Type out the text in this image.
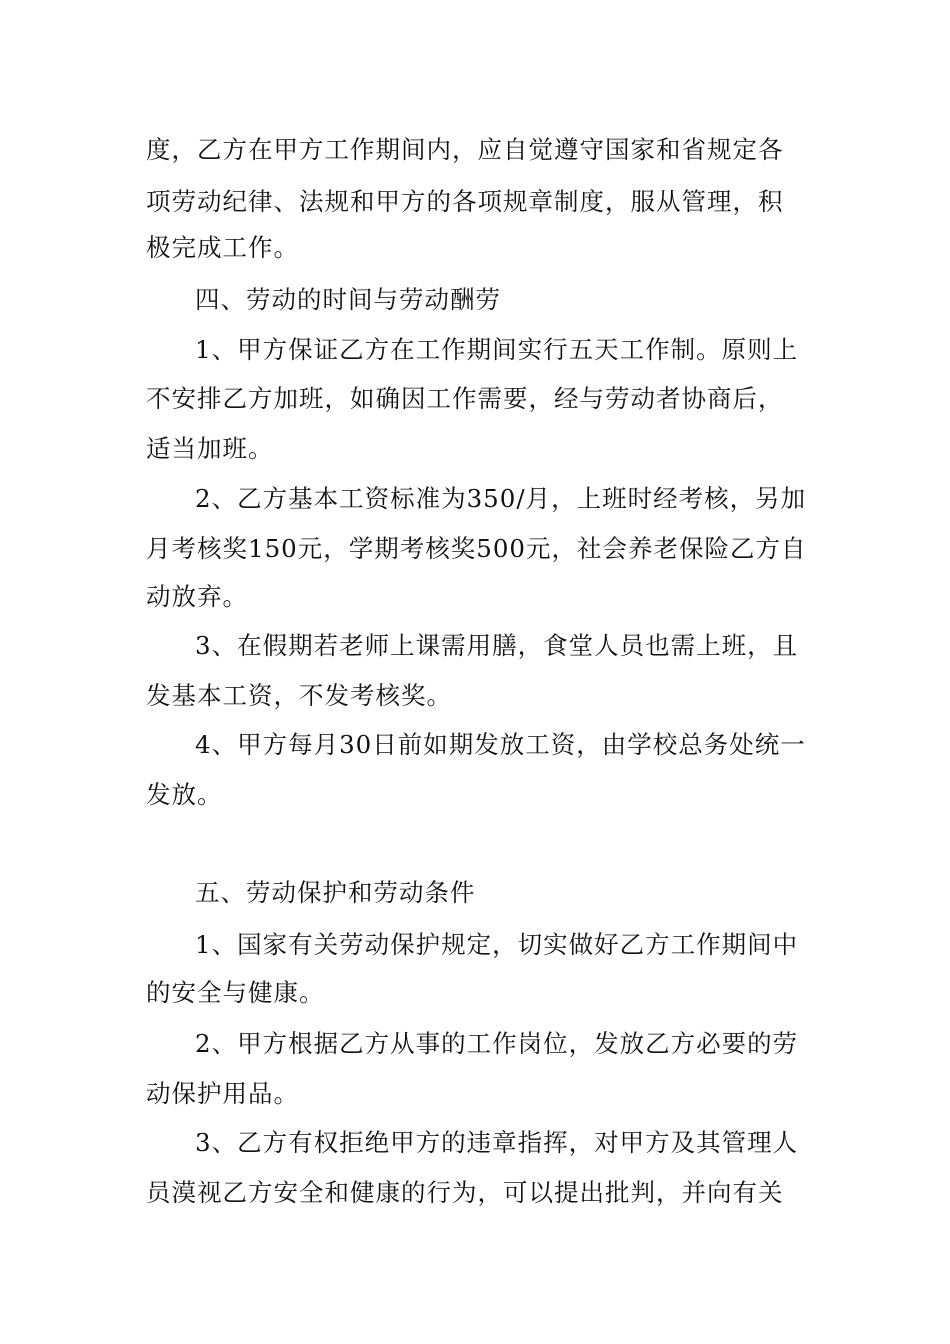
度，乙方在甲方工作期间内，应自觉遵守国家和省规定各
项劳动纪律、法规和甲方的各项规章制度，服从管理，积
极完成工作。
四、劳动的时间与劳动酬劳
1、甲方保证乙方在工作期间实行五天工作制。原则上
不安排乙方加班，如确因工作需要，经与劳动者协商后，
适当加班。
2、乙方基本工资标准为350/月，上班时经考核，另加
月考核奖150元，学期考核奖500元，社会养老保险乙方自
动放弃。
3、在假期若老师上课需用膳，食堂人员也需上班，且
发基本工资，不发考核奖。
4、甲方每月30日前如期发放工资，由学校总务处统一
发放。
五、劳动保护和劳动条件
1、国家有关劳动保护规定，切实做好乙方工作期间中
的安全与健康。
2、甲方根据乙方从事的工作岗位，发放乙方必要的劳
动保护用品。
3、乙方有权拒绝甲方的违章指挥，对甲方及其管理人
员漠视乙方安全和健康的行为，可以提出批判，并向有关
